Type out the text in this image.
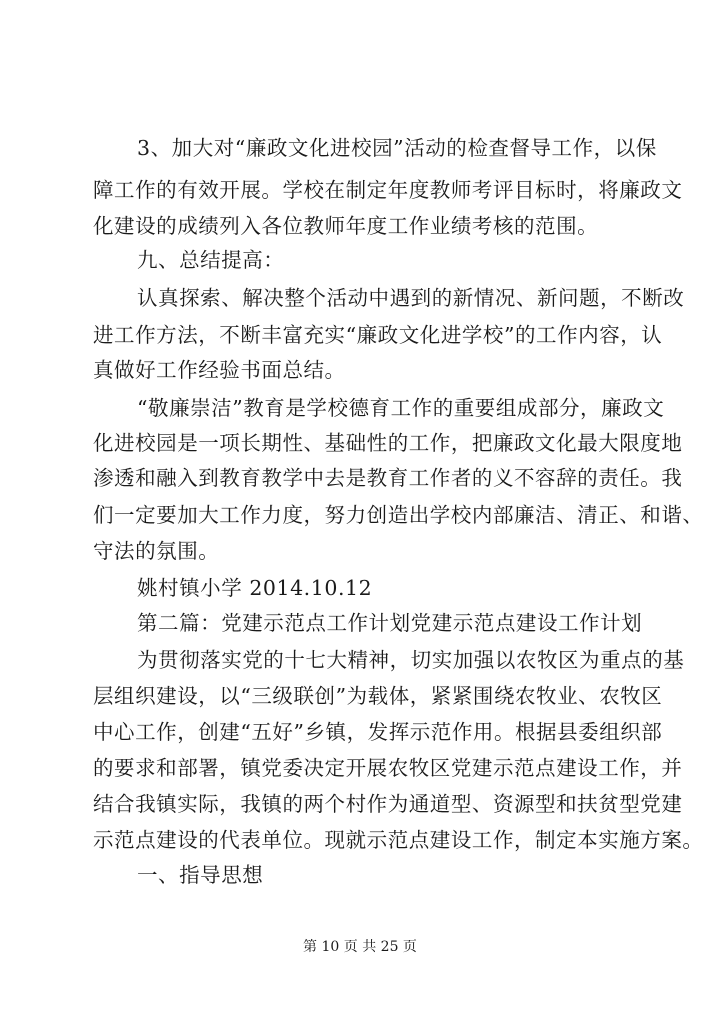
3、加大对“廉政文化进校园”活动的检查督导工作，以保
障工作的有效开展。学校在制定年度教师考评目标时，将廉政文
化建设的成绩列入各位教师年度工作业绩考核的范围。
九、总结提高：
认真探索、解决整个活动中遇到的新情况、新问题，不断改
进工作方法，不断丰富充实“廉政文化进学校”的工作内容，认
真做好工作经验书面总结。
“敬廉崇洁”教育是学校德育工作的重要组成部分，廉政文
化进校园是一项长期性、基础性的工作，把廉政文化最大限度地
渗透和融入到教育教学中去是教育工作者的义不容辞的责任。我
们一定要加大工作力度，努力创造出学校内部廉洁、清正、和谐、
守法的氛围。
姚村镇小学 2014.10.12
第二篇：党建示范点工作计划党建示范点建设工作计划
为贯彻落实党的十七大精神，切实加强以农牧区为重点的基
层组织建设，以“三级联创”为载体，紧紧围绕农牧业、农牧区
中心工作，创建“五好”乡镇，发挥示范作用。根据县委组织部
的要求和部署，镇党委决定开展农牧区党建示范点建设工作，并
结合我镇实际，我镇的两个村作为通道型、资源型和扶贫型党建
示范点建设的代表单位。现就示范点建设工作，制定本实施方案。
一、指导思想
第 10 页 共 25 页
